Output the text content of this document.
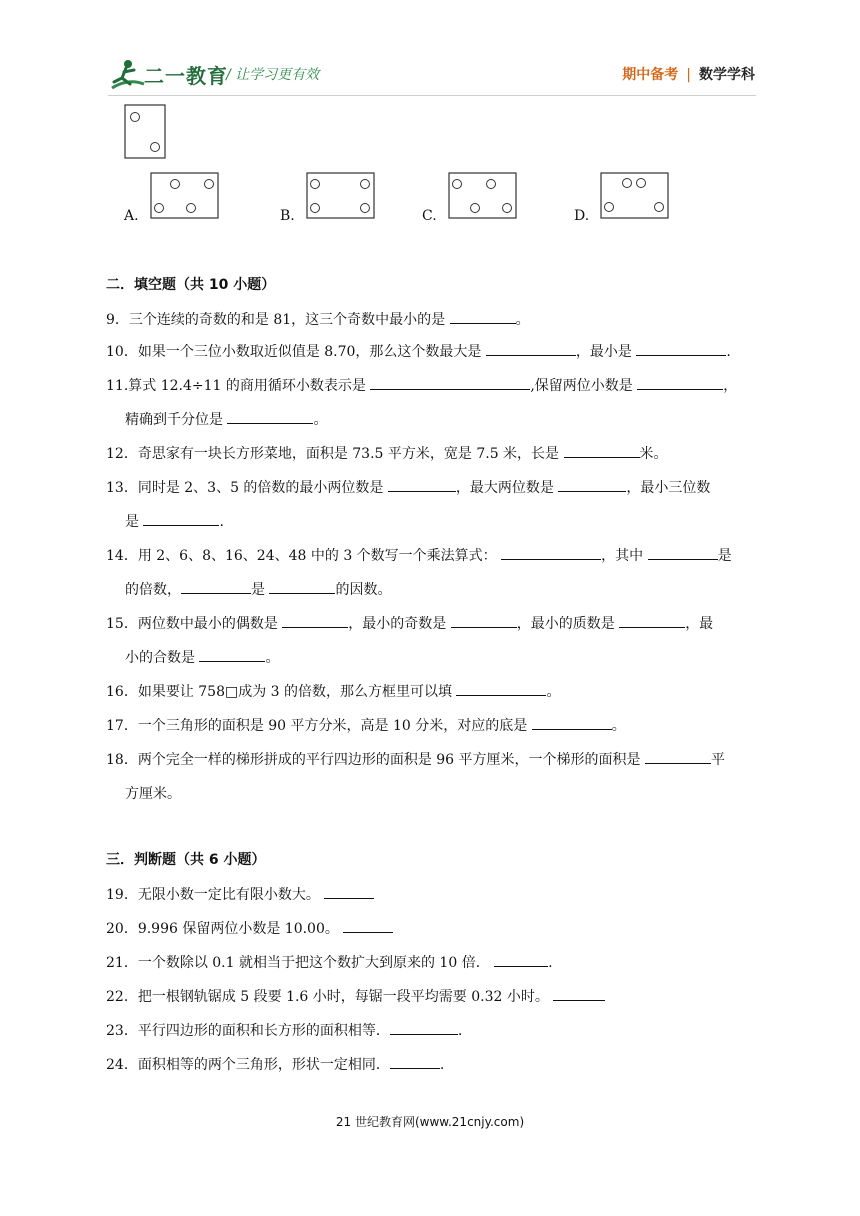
二一教育
/ 让学习更有效	期中备考 | 数学学科
A.	B.	C.	D.
二．填空题（共 10 小题）
9．三个连续的奇数的和是 81，这三个奇数中最小的是	。
10．如果一个三位小数取近似值是 8.70，那么这个数最大是	，最小是	.
11.算式 12.4÷11 的商用循环小数表示是	,保留两位小数是	，
精确到千分位是	。
12．奇思家有一块长方形菜地，面积是 73.5 平方米，宽是 7.5 米，长是	米。
13．同时是 2、3、5 的倍数的最小两位数是	，最大两位数是	，最小三位数
是	.
14．用 2、6、8、16、24、48 中的 3 个数写一个乘法算式：	，其中	是
的倍数，	是	的因数。
15．两位数中最小的偶数是	，最小的奇数是	，最小的质数是	，最
小的合数是	。
16．如果要让 758□成为 3 的倍数，那么方框里可以填	。
17．一个三角形的面积是 90 平方分米，高是 10 分米，对应的底是	。
18．两个完全一样的梯形拼成的平行四边形的面积是 96 平方厘米，一个梯形的面积是	平
方厘米。
三．判断题（共 6 小题）
19．无限小数一定比有限小数大。
20．9.996 保留两位小数是 10.00。
21．一个数除以 0.1 就相当于把这个数扩大到原来的 10 倍．	.
22．把一根钢轨锯成 5 段要 1.6 小时，每锯一段平均需要 0.32 小时。
23．平行四边形的面积和长方形的面积相等．	.
24．面积相等的两个三角形，形状一定相同．	.
21 世纪教育网(www.21cnjy.com)
